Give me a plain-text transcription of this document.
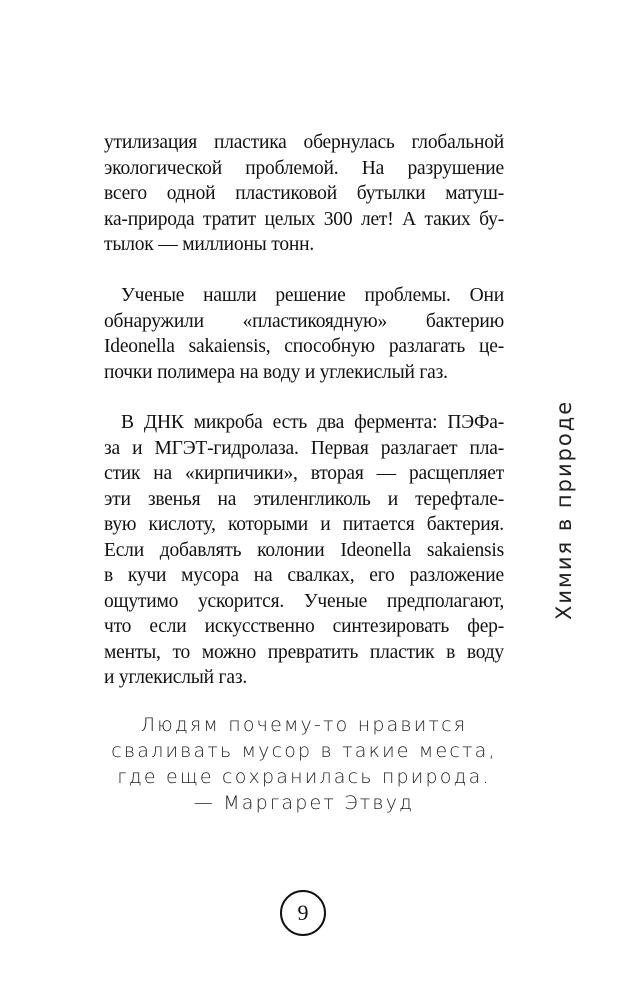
утилизация пластика обернулась глобальной
экологической проблемой. На разрушение
всего одной пластиковой бутылки матуш-
ка-природа тратит целых 300 лет! А таких бу-
тылок — миллионы тонн.
Ученые нашли решение проблемы. Они
обнаружили «пластикоядную» бактерию
Ideonella sakaiensis, способную разлагать це-
почки полимера на воду и углекислый газ.
В ДНК микроба есть два фермента: ПЭФа-
за и МГЭТ-гидролаза. Первая разлагает пла-
стик на «кирпичики», вторая — расщепляет
эти звенья на этиленгликоль и терефтале-
вую кислоту, которыми и питается бактерия.
Если добавлять колонии Ideonella sakaiensis
в кучи мусора на свалках, его разложение
ощутимо ускорится. Ученые предполагают,
что если искусственно синтезировать фер-
менты, то можно превратить пластик в воду
и углекислый газ.
Людям почему-то нравится
сваливать мусор в такие места,
где еще сохранилась природа.
— Маргарет Этвуд
Химия в природе
9
